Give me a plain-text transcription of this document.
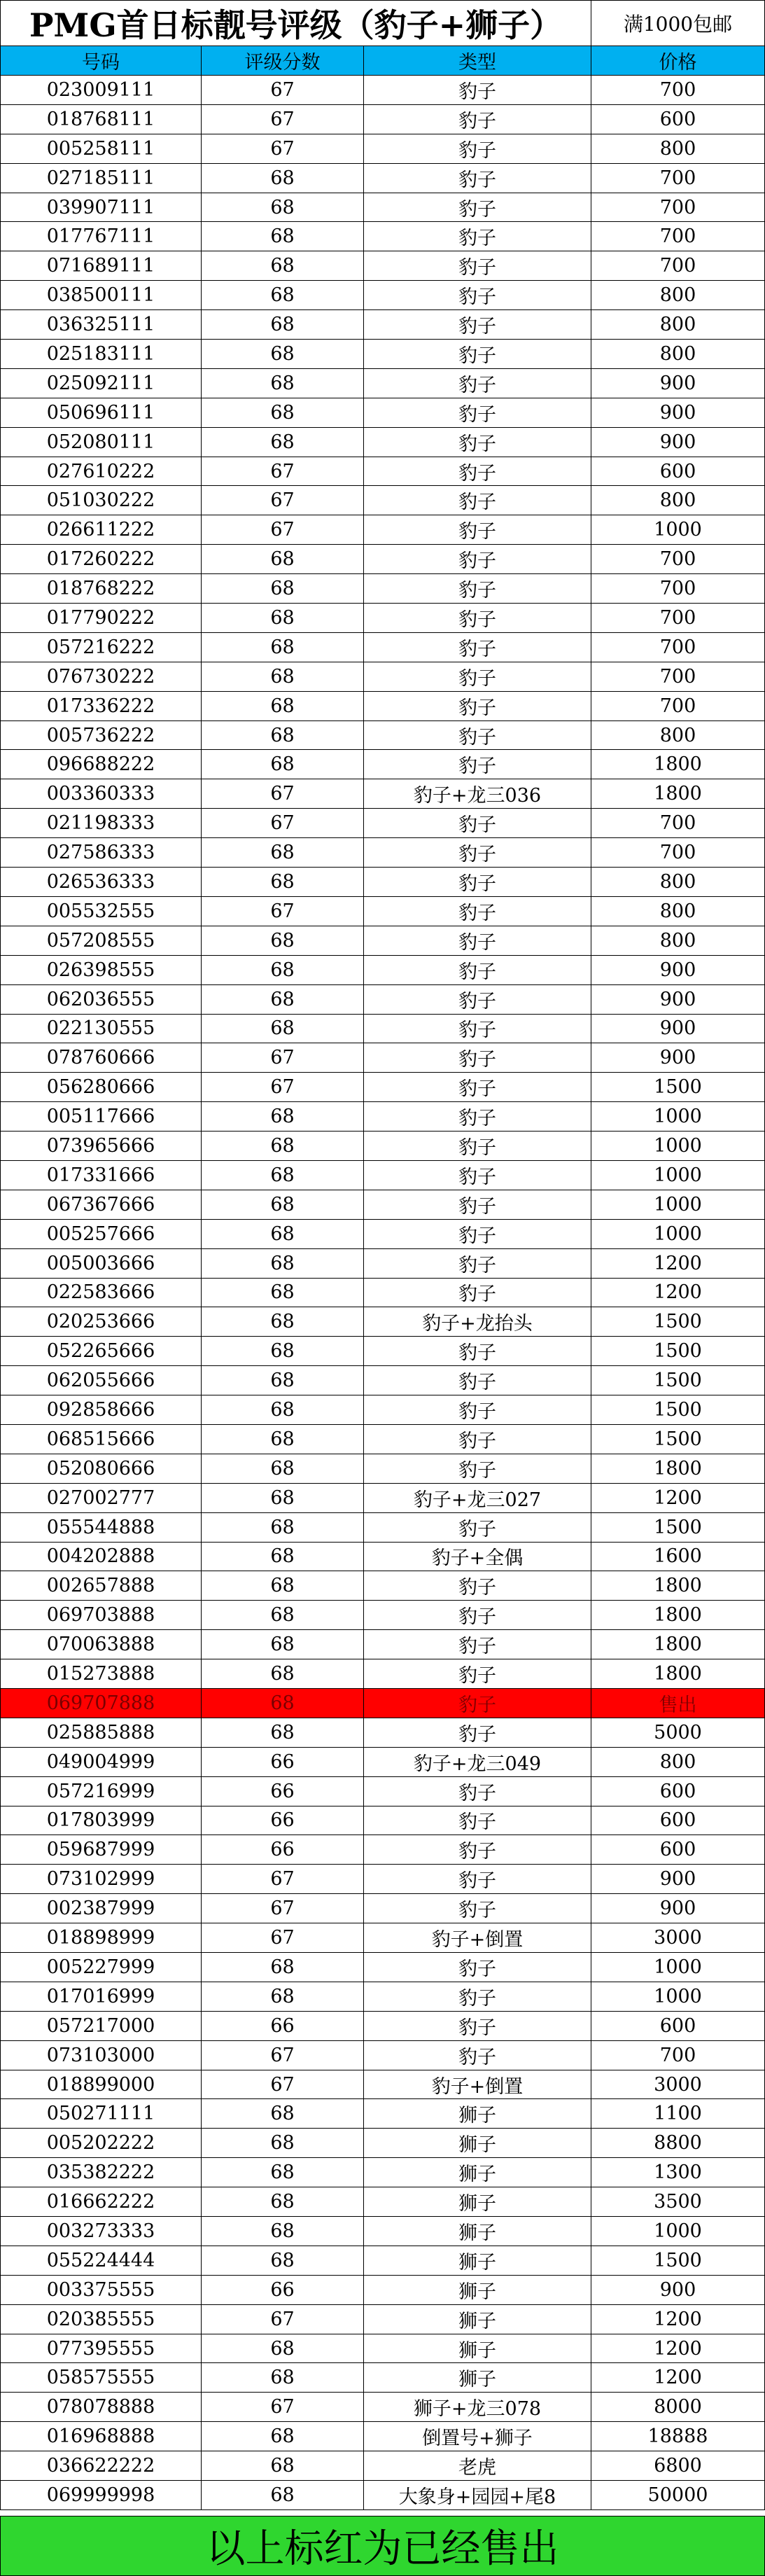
PMG首日标靓号评级（豹子+狮子）	满1000包邮
号码	评级分数	类型	价格
023009111	67	豹子	700
018768111	67	豹子	600
005258111	67	豹子	800
027185111	68	豹子	700
039907111	68	豹子	700
017767111	68	豹子	700
071689111	68	豹子	700
038500111	68	豹子	800
036325111	68	豹子	800
025183111	68	豹子	800
025092111	68	豹子	900
050696111	68	豹子	900
052080111	68	豹子	900
027610222	67	豹子	600
051030222	67	豹子	800
026611222	67	豹子	1000
017260222	68	豹子	700
018768222	68	豹子	700
017790222	68	豹子	700
057216222	68	豹子	700
076730222	68	豹子	700
017336222	68	豹子	700
005736222	68	豹子	800
096688222	68	豹子	1800
003360333	67	豹子+龙三036	1800
021198333	67	豹子	700
027586333	68	豹子	700
026536333	68	豹子	800
005532555	67	豹子	800
057208555	68	豹子	800
026398555	68	豹子	900
062036555	68	豹子	900
022130555	68	豹子	900
078760666	67	豹子	900
056280666	67	豹子	1500
005117666	68	豹子	1000
073965666	68	豹子	1000
017331666	68	豹子	1000
067367666	68	豹子	1000
005257666	68	豹子	1000
005003666	68	豹子	1200
022583666	68	豹子	1200
020253666	68	豹子+龙抬头	1500
052265666	68	豹子	1500
062055666	68	豹子	1500
092858666	68	豹子	1500
068515666	68	豹子	1500
052080666	68	豹子	1800
027002777	68	豹子+龙三027	1200
055544888	68	豹子	1500
004202888	68	豹子+全偶	1600
002657888	68	豹子	1800
069703888	68	豹子	1800
070063888	68	豹子	1800
015273888	68	豹子	1800
069707888	68	豹子	售出
025885888	68	豹子	5000
049004999	66	豹子+龙三049	800
057216999	66	豹子	600
017803999	66	豹子	600
059687999	66	豹子	600
073102999	67	豹子	900
002387999	67	豹子	900
018898999	67	豹子+倒置	3000
005227999	68	豹子	1000
017016999	68	豹子	1000
057217000	66	豹子	600
073103000	67	豹子	700
018899000	67	豹子+倒置	3000
050271111	68	狮子	1100
005202222	68	狮子	8800
035382222	68	狮子	1300
016662222	68	狮子	3500
003273333	68	狮子	1000
055224444	68	狮子	1500
003375555	66	狮子	900
020385555	67	狮子	1200
077395555	68	狮子	1200
058575555	68	狮子	1200
078078888	67	狮子+龙三078	8000
016968888	68	倒置号+狮子	18888
036622222	68	老虎	6800
069999998	68	大象身+园园+尾8	50000
以上标红为已经售出
